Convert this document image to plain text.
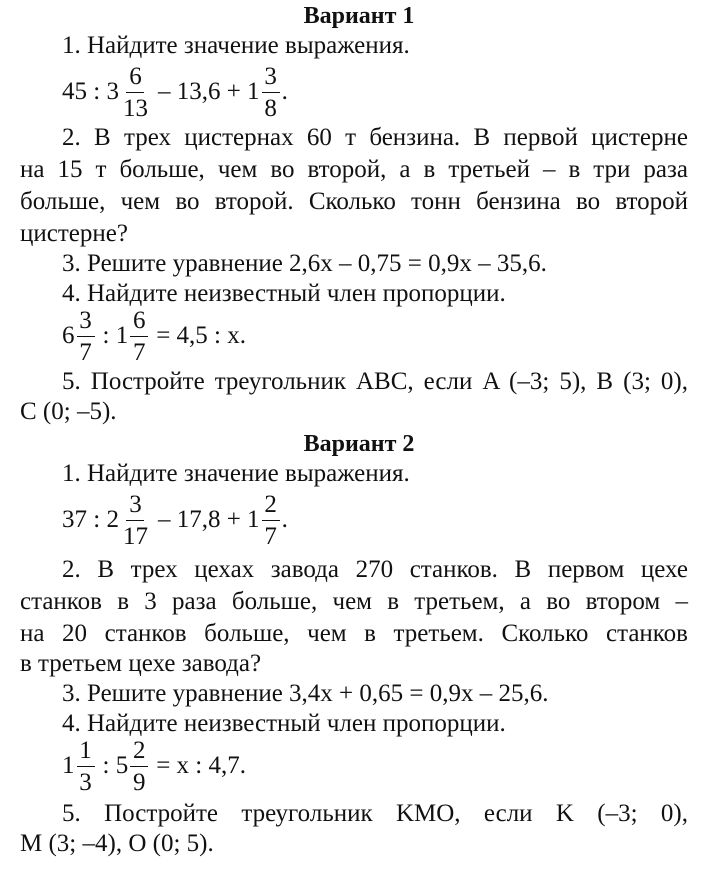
Вариант 1
1. Найдите значение выражения.
45 : $3 \frac{6}{13} - 13,6 + 1 \frac{3}{8}$ .
2. В трех цистернах 60 т бензина. В первой цистерне
на 15 т больше, чем во второй, а в третьей – в три раза
больше, чем во второй. Сколько тонн бензина во второй
цистерне?
3. Решите уравнение 2,6x – 0,75 = 0,9x – 35,6.
4. Найдите неизвестный член пропорции.
$6 \frac{3}{7}$ : $1 \frac{6}{7} = 4,5$ : x.
5. Постройте треугольник ABC, если A (–3; 5), B (3; 0),
C (0; –5).
Вариант 2
1. Найдите значение выражения.
37 : $2 \frac{3}{17} - 17,8 + 1 \frac{2}{7}$ .
2. В трех цехах завода 270 станков. В первом цехе
станков в 3 раза больше, чем в третьем, а во втором –
на 20 станков больше, чем в третьем. Сколько станков
в третьем цехе завода?
3. Решите уравнение 3,4x + 0,65 = 0,9x – 25,6.
4. Найдите неизвестный член пропорции.
$1 \frac{1}{3}$ : $5 \frac{2}{9} = x$ : 4,7.
5. Постройте треугольник KMO, если K (–3; 0),
M (3; –4), O (0; 5).
